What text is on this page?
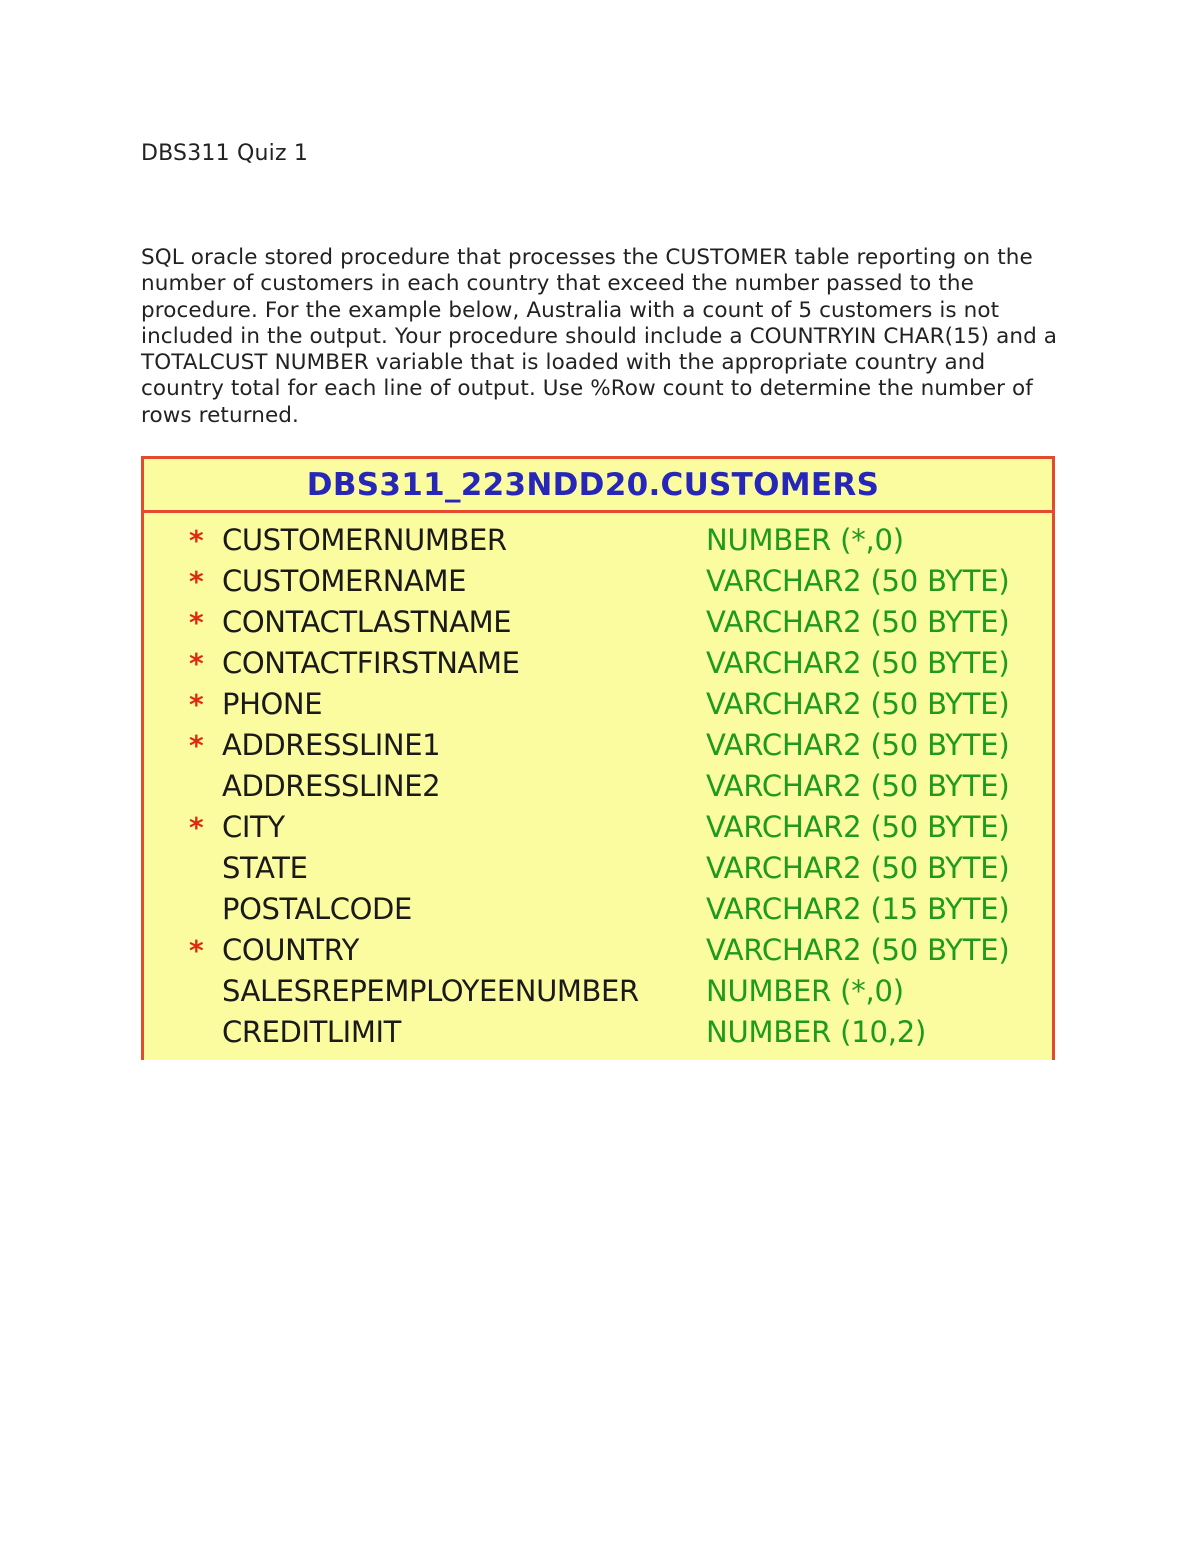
DBS311 Quiz 1

SQL oracle stored procedure that processes the CUSTOMER table reporting on the number of customers in each country that exceed the number passed to the procedure. For the example below, Australia with a count of 5 customers is not included in the output. Your procedure should include a COUNTRYIN CHAR(15) and a TOTALCUST NUMBER variable that is loaded with the appropriate country and country total for each line of output. Use %Row count to determine the number of rows returned.

DBS311_223NDD20.CUSTOMERS
* CUSTOMERNUMBER	NUMBER (*,0)
* CUSTOMERNAME	VARCHAR2 (50 BYTE)
* CONTACTLASTNAME	VARCHAR2 (50 BYTE)
* CONTACTFIRSTNAME	VARCHAR2 (50 BYTE)
* PHONE	VARCHAR2 (50 BYTE)
* ADDRESSLINE1	VARCHAR2 (50 BYTE)
ADDRESSLINE2	VARCHAR2 (50 BYTE)
* CITY	VARCHAR2 (50 BYTE)
STATE	VARCHAR2 (50 BYTE)
POSTALCODE	VARCHAR2 (15 BYTE)
* COUNTRY	VARCHAR2 (50 BYTE)
SALESREPEMPLOYEENUMBER NUMBER (*,0)
CREDITLIMIT	NUMBER (10,2)
